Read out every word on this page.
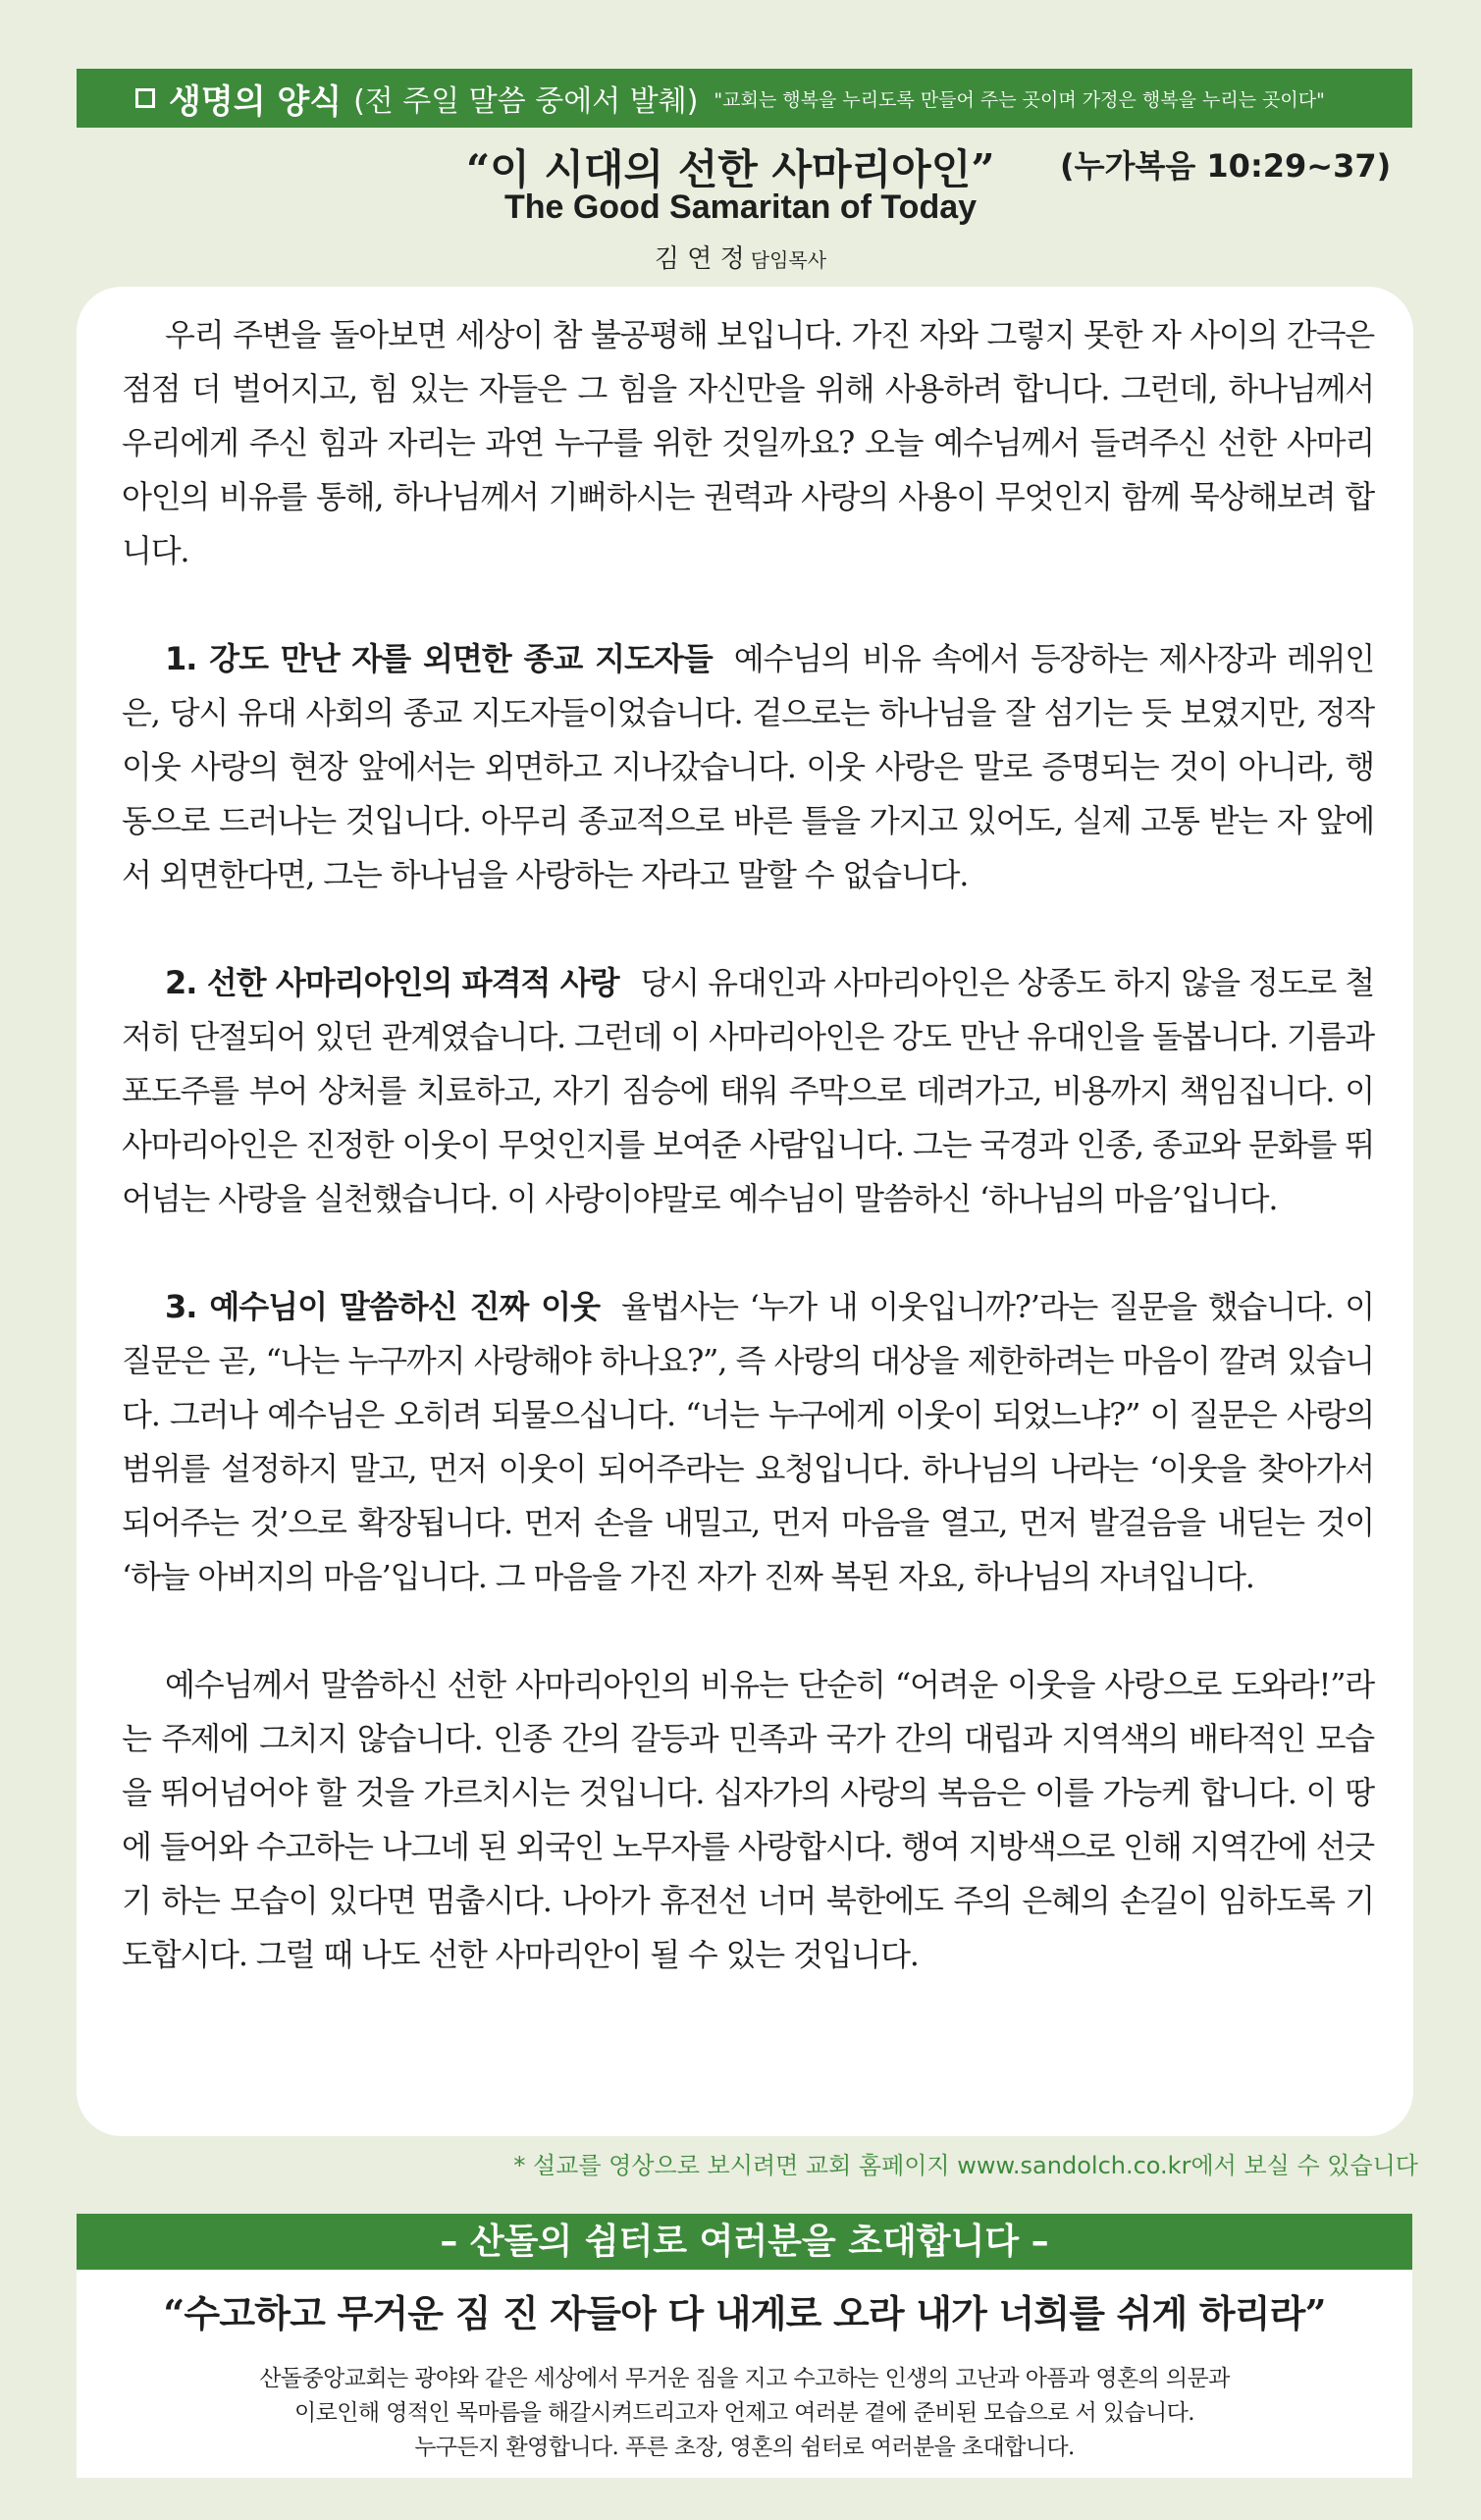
생명의 양식 (전 주일 말씀 중에서 발췌) "교회는 행복을 누리도록 만들어 주는 곳이며 가정은 행복을 누리는 곳이다"
“이 시대의 선한 사마리아인” (누가복음 10:29~37)
The Good Samaritan of Today
김 연 정 담임목사

우리 주변을 돌아보면 세상이 참 불공평해 보입니다. 가진 자와 그렇지 못한 자 사이의 간극은 점점 더 벌어지고, 힘 있는 자들은 그 힘을 자신만을 위해 사용하려 합니다. 그런데, 하나님께서 우리에게 주신 힘과 자리는 과연 누구를 위한 것일까요? 오늘 예수님께서 들려주신 선한 사마리아인의 비유를 통해, 하나님께서 기뻐하시는 권력과 사랑의 사용이 무엇인지 함께 묵상해보려 합니다.

1. 강도 만난 자를 외면한 종교 지도자들 예수님의 비유 속에서 등장하는 제사장과 레위인은, 당시 유대 사회의 종교 지도자들이었습니다. 겉으로는 하나님을 잘 섬기는 듯 보였지만, 정작 이웃 사랑의 현장 앞에서는 외면하고 지나갔습니다. 이웃 사랑은 말로 증명되는 것이 아니라, 행동으로 드러나는 것입니다. 아무리 종교적으로 바른 틀을 가지고 있어도, 실제 고통 받는 자 앞에서 외면한다면, 그는 하나님을 사랑하는 자라고 말할 수 없습니다.

2. 선한 사마리아인의 파격적 사랑 당시 유대인과 사마리아인은 상종도 하지 않을 정도로 철저히 단절되어 있던 관계였습니다. 그런데 이 사마리아인은 강도 만난 유대인을 돌봅니다. 기름과 포도주를 부어 상처를 치료하고, 자기 짐승에 태워 주막으로 데려가고, 비용까지 책임집니다. 이 사마리아인은 진정한 이웃이 무엇인지를 보여준 사람입니다. 그는 국경과 인종, 종교와 문화를 뛰어넘는 사랑을 실천했습니다. 이 사랑이야말로 예수님이 말씀하신 ‘하나님의 마음’입니다.

3. 예수님이 말씀하신 진짜 이웃 율법사는 ‘누가 내 이웃입니까?’라는 질문을 했습니다. 이 질문은 곧, “나는 누구까지 사랑해야 하나요?”, 즉 사랑의 대상을 제한하려는 마음이 깔려 있습니다. 그러나 예수님은 오히려 되물으십니다. “너는 누구에게 이웃이 되었느냐?” 이 질문은 사랑의 범위를 설정하지 말고, 먼저 이웃이 되어주라는 요청입니다. 하나님의 나라는 ‘이웃을 찾아가서 되어주는 것’으로 확장됩니다. 먼저 손을 내밀고, 먼저 마음을 열고, 먼저 발걸음을 내딛는 것이 ‘하늘 아버지의 마음’입니다. 그 마음을 가진 자가 진짜 복된 자요, 하나님의 자녀입니다.

예수님께서 말씀하신 선한 사마리아인의 비유는 단순히 “어려운 이웃을 사랑으로 도와라!”라는 주제에 그치지 않습니다. 인종 간의 갈등과 민족과 국가 간의 대립과 지역색의 배타적인 모습을 뛰어넘어야 할 것을 가르치시는 것입니다. 십자가의 사랑의 복음은 이를 가능케 합니다. 이 땅에 들어와 수고하는 나그네 된 외국인 노무자를 사랑합시다. 행여 지방색으로 인해 지역간에 선긋기 하는 모습이 있다면 멈춥시다. 나아가 휴전선 너머 북한에도 주의 은혜의 손길이 임하도록 기도합시다. 그럴 때 나도 선한 사마리안이 될 수 있는 것입니다.

* 설교를 영상으로 보시려면 교회 홈페이지 www.sandolch.co.kr에서 보실 수 있습니다
– 산돌의 쉼터로 여러분을 초대합니다 –
“수고하고 무거운 짐 진 자들아 다 내게로 오라 내가 너희를 쉬게 하리라”
산돌중앙교회는 광야와 같은 세상에서 무거운 짐을 지고 수고하는 인생의 고난과 아픔과 영혼의 의문과
이로인해 영적인 목마름을 해갈시켜드리고자 언제고 여러분 곁에 준비된 모습으로 서 있습니다.
누구든지 환영합니다. 푸른 초장, 영혼의 쉼터로 여러분을 초대합니다.
